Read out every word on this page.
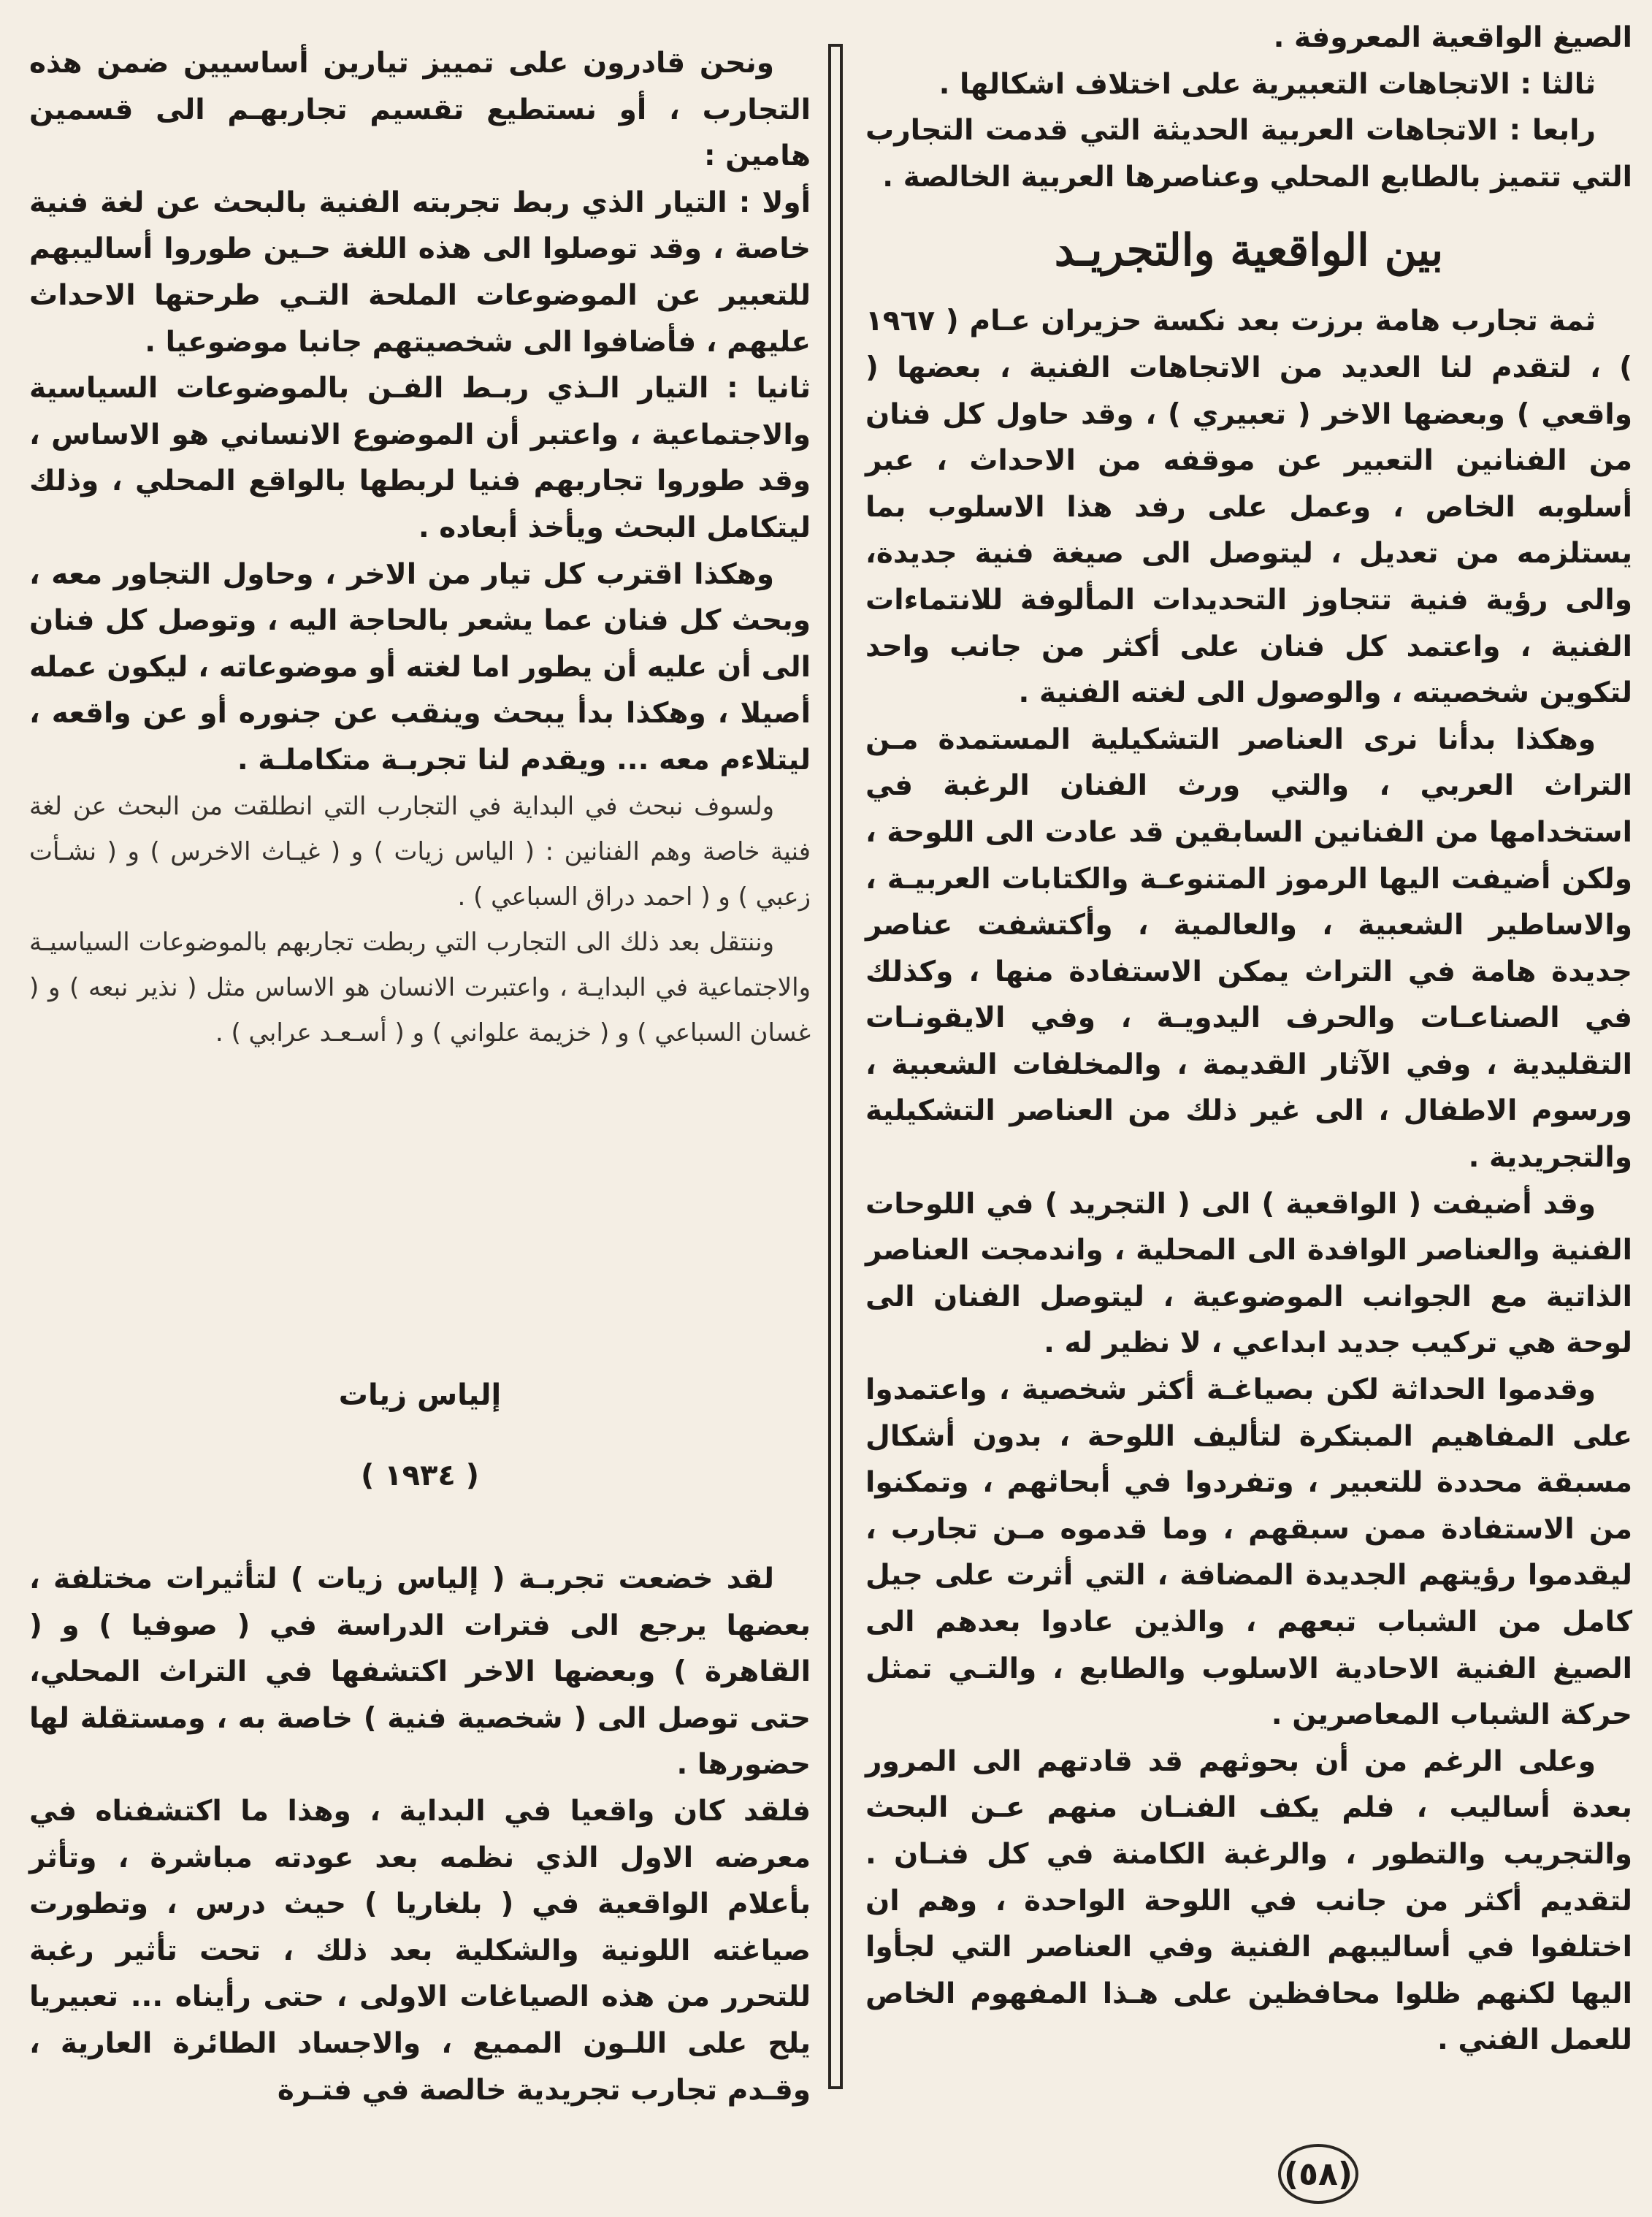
الصيغ الواقعية المعروفة .

ثالثا : الاتجاهات التعبيرية على اختلاف اشكالها .

رابعا : الاتجاهات العربية الحديثة التي قدمت التجارب التي تتميز بالطابع المحلي وعناصرها العربية الخالصة .

بين الواقعية والتجريـد

ثمة تجارب هامة برزت بعد نكسة حزيران عـام ( ١٩٦٧ ) ، لتقدم لنا العديد من الاتجاهات الفنية ، بعضها ( واقعي ) وبعضها الاخر ( تعبيري ) ، وقد حاول كل فنان من الفنانين التعبير عن موقفه من الاحداث ، عبر أسلوبه الخاص ، وعمل على رفد هذا الاسلوب بما يستلزمه من تعديل ، ليتوصل الى صيغة فنية جديدة، والى رؤية فنية تتجاوز التحديدات المألوفة للانتماءات الفنية ، واعتمد كل فنان على أكثر من جانب واحد لتكوين شخصيته ، والوصول الى لغته الفنية .

وهكذا بدأنا نرى العناصر التشكيلية المستمدة مـن التراث العربي ، والتي ورث الفنان الرغبة في استخدامها من الفنانين السابقين قد عادت الى اللوحة ، ولكن أضيفت اليها الرموز المتنوعـة والكتابات العربيـة ، والاساطير الشعبية ، والعالمية ، وأكتشفت عناصر جديدة هامة في التراث يمكن الاستفادة منها ، وكذلك في الصناعـات والحرف اليدويـة ، وفي الايقونـات التقليدية ، وفي الآثار القديمة ، والمخلفات الشعبية ، ورسوم الاطفال ، الى غير ذلك من العناصر التشكيلية والتجريدية .

وقد أضيفت ( الواقعية ) الى ( التجريد ) في اللوحات الفنية والعناصر الوافدة الى المحلية ، واندمجت العناصر الذاتية مع الجوانب الموضوعية ، ليتوصل الفنان الى لوحة هي تركيب جديد ابداعي ، لا نظير له .

وقدموا الحداثة لكن بصياغـة أكثر شخصية ، واعتمدوا على المفاهيم المبتكرة لتأليف اللوحة ، بدون أشكال مسبقة محددة للتعبير ، وتفردوا في أبحاثهم ، وتمكنوا من الاستفادة ممن سبقهم ، وما قدموه مـن تجارب ، ليقدموا رؤيتهم الجديدة المضافة ، التي أثرت على جيل كامل من الشباب تبعهم ، والذين عادوا بعدهم الى الصيغ الفنية الاحادية الاسلوب والطابع ، والتـي تمثل حركة الشباب المعاصرين .

وعلى الرغم من أن بحوثهم قد قادتهم الى المرور بعدة أساليب ، فلم يكف الفنـان منهم عـن البحث والتجريب والتطور ، والرغبة الكامنة في كل فنـان . لتقديم أكثر من جانب في اللوحة الواحدة ، وهم ان اختلفوا في أساليبهم الفنية وفي العناصر التي لجأوا اليها لكنهم ظلوا محافظين على هـذا المفهوم الخاص للعمل الفني .

ونحن قادرون على تمييز تيارين أساسيين ضمن هذه التجارب ، أو نستطيع تقسيم تجاربهـم الى قسمين هامين :

أولا : التيار الذي ربط تجربته الفنية بالبحث عن لغة فنية خاصة ، وقد توصلوا الى هذه اللغة حـين طوروا أساليبهم للتعبير عن الموضوعات الملحة التـي طرحتها الاحداث عليهم ، فأضافوا الى شخصيتهم جانبا موضوعيا .

ثانيا : التيار الـذي ربـط الفـن بالموضوعات السياسية والاجتماعية ، واعتبر أن الموضوع الانساني هو الاساس ، وقد طوروا تجاربهم فنيا لربطها بالواقع المحلي ، وذلك ليتكامل البحث ويأخذ أبعاده .

وهكذا اقترب كل تيار من الاخر ، وحاول التجاور معه ، وبحث كل فنان عما يشعر بالحاجة اليه ، وتوصل كل فنان الى أن عليه أن يطور اما لغته أو موضوعاته ، ليكون عمله أصيلا ، وهكذا بدأ يبحث وينقب عن جنوره أو عن واقعه ، ليتلاءم معه ... ويقدم لنا تجربـة متكاملـة .

ولسوف نبحث في البداية في التجارب التي انطلقت من البحث عن لغة فنية خاصة وهم الفنانين : ( الياس زيات ) و ( غيـاث الاخرس ) و ( نشـأت زعبي ) و ( احمد دراق السباعي ) .

وننتقل بعد ذلك الى التجارب التي ربطت تجاربهم بالموضوعات السياسيـة والاجتماعية في البدايـة ، واعتبرت الانسان هو الاساس مثل ( نذير نبعه ) و ( غسان السباعي ) و ( خزيمة علواني ) و ( أسـعـد عرابي ) .

إلياس زيات
( ١٩٣٤ )

لقد خضعت تجربـة ( إلياس زيات ) لتأثيرات مختلفة ، بعضها يرجع الى فترات الدراسة في ( صوفيا ) و ( القاهرة ) وبعضها الاخر اكتشفها في التراث المحلي، حتى توصل الى ( شخصية فنية ) خاصة به ، ومستقلة لها حضورها .

فلقد كان واقعيا في البداية ، وهذا ما اكتشفناه في معرضه الاول الذي نظمه بعد عودته مباشرة ، وتأثر بأعلام الواقعية في ( بلغاريا ) حيث درس ، وتطورت صياغته اللونية والشكلية بعد ذلك ، تحت تأثير رغبة للتحرر من هذه الصياغات الاولى ، حتى رأيناه ... تعبيريا يلح على اللـون المميع ، والاجساد الطائرة العارية ، وقـدم تجارب تجريدية خالصة في فتـرة

(٥٨)
